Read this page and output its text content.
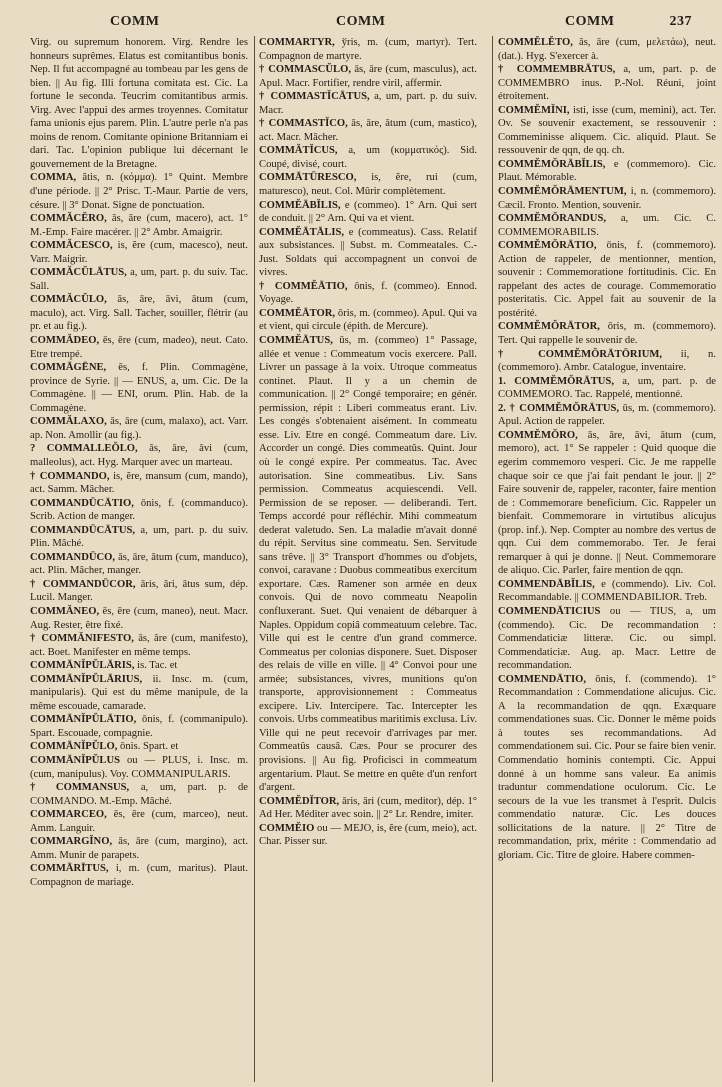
COMM	COMM	COMM	237

Virg. ou supremum honorem. Virg. Rendre les honneurs suprêmes. Elatus est comitantibus bonis. Nep. Il fut accompagné au tombeau par les gens de bien. || Au fig. Illi fortuna comitata est. Cic. La fortune le seconda. Teucrim comitantibus armis. Virg. Avec l'appui des armes troyennes. Comitatur fama unionis ejus parem. Plin. L'autre perle n'a pas moins de renom. Comitante opinione Britanniam ei dari. Tac. L'opinion publique lui décernant le gouvernement de la Bretagne.

COMMA, ătis, n. (κόμμα). 1° Quint. Membre d'une période. || 2° Prisc. T.-Maur. Partie de vers, césure. || 3° Donat. Signe de ponctuation.

COMMĂCĔRO, ās, āre (cum, macero), act. 1° M.-Emp. Faire macérer. || 2° Ambr. Amaigrir.

COMMĂCESCO, is, ĕre (cum, macesco), neut. Varr. Maigrir.

COMMĂCŬLĀTUS, a, um, part. p. du suiv. Tac. Sall.

COMMĂCŬLO, ās, āre, āvi, ātum (cum, maculo), act. Virg. Sall. Tacher, souiller, flétrir (au pr. et au fig.).

COMMĂDEO, ēs, ēre (cum, madeo), neut. Cato. Etre trempé.

COMMĀGĒNE, ēs, f. Plin. Commagène, province de Syrie. || — ENUS, a, um. Cic. De la Commagène. || — ENI, orum. Plin. Hab. de la Commagène.

COMMĂLAXO, ās, āre (cum, malaxo), act. Varr. ap. Non. Amollir (au fig.).

? COMMALLEŎLO, ās, āre, āvi (cum, malleolus), act. Hyg. Marquer avec un marteau.

† COMMANDO, is, ĕre, mansum (cum, mando), act. Samm. Mâcher.

COMMANDŪCĀTIO, ōnis, f. (commanduco). Scrib. Action de manger.

COMMANDŪCĀTUS, a, um, part. p. du suiv. Plin. Mâché.

COMMANDŪCO, ās, āre, ātum (cum, manduco), act. Plin. Mâcher, manger.

† COMMANDŪCOR, āris, āri, ātus sum, dép. Lucil. Manger.

COMMĂNEO, ēs, ēre (cum, maneo), neut. Macr. Aug. Rester, être fixé.

† COMMĂNIFESTO, ās, āre (cum, manifesto), act. Boet. Manifester en même temps.

COMMĀNĬPŬLĀRIS, is. Tac. et

COMMĀNĬPŬLĀRIUS, ii. Insc. m. (cum, manipularis). Qui est du même manipule, de la même escouade, camarade.

COMMĀNĬPŬLĀTIO, ōnis, f. (commanipulo). Spart. Escouade, compagnie.

COMMĀNĬPŬLO, ōnis. Spart. et

COMMĀNĬPŬLUS ou — PLUS, i. Insc. m. (cum, manipulus). Voy. COMMANIPULARIS.

† COMMANSUS, a, um, part. p. de COMMANDO. M.-Emp. Mâché.

COMMARCEO, ēs, ēre (cum, marceo), neut. Amm. Languir.

COMMARGĬNO, ās, āre (cum, margino), act. Amm. Munir de parapets.

COMMĀRĪTUS, i, m. (cum, maritus). Plaut. Compagnon de mariage.

COMMARTYR, ўris, m. (cum, martyr). Tert. Compagnon de martyre.

† COMMASCŬLO, ās, āre (cum, masculus), act. Apul. Macr. Fortifier, rendre viril, affermir.

† COMMASTĬCĀTUS, a, um, part. p. du suiv. Macr.

† COMMASTĬCO, ās, āre, ātum (cum, mastico), act. Macr. Mâcher.

COMMĂTĬCUS, a, um (κομματικός). Sid. Coupé, divisé, court.

COMMĀTŪRESCO, is, ĕre, rui (cum, maturesco), neut. Col. Mûrir complètement.

COMMĔĀBĬLIS, e (commeo). 1° Arn. Qui sert de conduit. || 2° Arn. Qui va et vient.

COMMĔĀTĀLIS, e (commeatus). Cass. Relatif aux subsistances. || Subst. m. Commeatales. C.-Just. Soldats qui accompagnent un convoi de vivres.

† COMMĔĀTIO, ōnis, f. (commeo). Ennod. Voyage.

COMMĔĀTOR, ōris, m. (commeo). Apul. Qui va et vient, qui circule (épith. de Mercure).

COMMĔĀTUS, ūs, m. (commeo) 1° Passage, allée et venue : Commeatum vocis exercere. Pall. Livrer un passage à la voix. Utroque commeatus continet. Plaut. Il y a un chemin de communication. || 2° Congé temporaire; en génér. permission, répit : Liberi commeatus erant. Liv. Les congés s'obtenaient aisément. In commeatu esse. Liv. Etre en congé. Commeatum dare. Liv. Accorder un congé. Dies commeatûs. Quint. Jour où le congé expire. Per commeatus. Tac. Avec autorisation. Sine commeatibus. Liv. Sans permission. Commeatus acquiescendi. Vell. Permission de se reposer. — deliberandi. Tert. Temps accordé pour réfléchir. Mihi commeatum dederat valetudo. Sen. La maladie m'avait donné du répit. Servitus sine commeatu. Sen. Servitude sans trêve. || 3° Transport d'hommes ou d'objets, convoi, caravane : Duobus commeatibus exercitum exportare. Cæs. Ramener son armée en deux convois. Qui de novo commeatu Neapolin confluxerant. Suet. Qui venaient de débarquer à Naples. Oppidum copiâ commeatuum celebre. Tac. Ville qui est le centre d'un grand commerce. Commeatus per colonias disponere. Suet. Disposer des relais de ville en ville. || 4° Convoi pour une armée; subsistances, vivres, munitions qu'on transporte, approvisionnement : Commeatus excipere. Liv. Intercipere. Tac. Intercepter les convois. Urbs commeatibus maritimis exclusa. Liv. Ville qui ne peut recevoir d'arrivages par mer. Commeatûs causâ. Cæs. Pour se procurer des provisions. || Au fig. Proficisci in commeatum argentarium. Plaut. Se mettre en quête d'un renfort d'argent.

COMMĔDĬTOR, āris, āri (cum, meditor), dép. 1° Ad Her. Méditer avec soin. || 2° Lr. Rendre, imiter.

COMMĔIO ou — MEJO, is, ĕre (cum, meio), act. Char. Pisser sur.

COMMĔLĔTO, ās, āre (cum, μελετάω), neut. (dat.). Hyg. S'exercer à.

† COMMEMBRĀTUS, a, um, part. p. de COMMEMBRO inus. P.-Nol. Réuni, joint étroitement.

COMMĔMĬNI, isti, isse (cum, memini), act. Ter. Ov. Se souvenir exactement, se ressouvenir : Commeminisse aliquem. Cic. aliquid. Plaut. Se ressouvenir de qqn, de qq. ch.

COMMĔMŎRĀBĬLIS, e (commemoro). Cic. Plaut. Mémorable.

COMMĔMŎRĀMENTUM, i, n. (commemoro). Cæcil. Fronto. Mention, souvenir.

COMMĔMŎRANDUS, a, um. Cic. C. COMMEMORABILIS.

COMMĔMŎRĀTIO, ōnis, f. (commemoro). Action de rappeler, de mentionner, mention, souvenir : Commemoratione fortitudinis. Cic. En rappelant des actes de courage. Commemoratio posteritatis. Cic. Appel fait au souvenir de la postérité.

COMMĔMŎRĀTOR, ōris, m. (commemoro). Tert. Qui rappelle le souvenir de.

† COMMĔMŎRĀTŌRIUM, ii, n. (commemoro). Ambr. Catalogue, inventaire.

1. COMMĔMŎRĀTUS, a, um, part. p. de COMMEMORO. Tac. Rappelé, mentionné.

2. † COMMĔMŎRĀTUS, ūs, m. (commemoro). Apul. Action de rappeler.

COMMĔMŎRO, ās, āre, āvi, ātum (cum, memoro), act. 1° Se rappeler : Quid quoque die egerim commemoro vesperi. Cic. Je me rappelle chaque soir ce que j'ai fait pendant le jour. || 2° Faire souvenir de, rappeler, raconter, faire mention de : Commemorare beneficium. Cic. Rappeler un bienfait. Commemorare in virtutibus alicujus (prop. inf.). Nep. Compter au nombre des vertus de qqn. Cui dem commemorabo. Ter. Je ferai remarquer à qui je donne. || Neut. Commemorare de aliquo. Cic. Parler, faire mention de qqn.

COMMENDĀBĬLIS, e (commendo). Liv. Col. Recommandable. || COMMENDABILIOR. Treb.

COMMENDĀTICIUS ou — TIUS, a, um (commendo). Cic. De recommandation : Commendaticiæ litteræ. Cic. ou simpl. Commendaticiæ. Aug. ap. Macr. Lettre de recommandation.

COMMENDĀTIO, ōnis, f. (commendo). 1° Recommandation : Commendatione alicujus. Cic. A la recommandation de qqn. Exæquare commendationes suas. Cic. Donner le même poids à toutes ses recommandations. Ad commendationem sui. Cic. Pour se faire bien venir. Commendatio hominis contempti. Cic. Appui donné à un homme sans valeur. Ea animis traduntur commendatione oculorum. Cic. Le secours de la vue les transmet à l'esprit. Dulcis commendatio naturæ. Cic. Les douces sollicitations de la nature. || 2° Titre de recommandation, prix, mérite : Commendatio ad gloriam. Cic. Titre de gloire. Habere commen-
